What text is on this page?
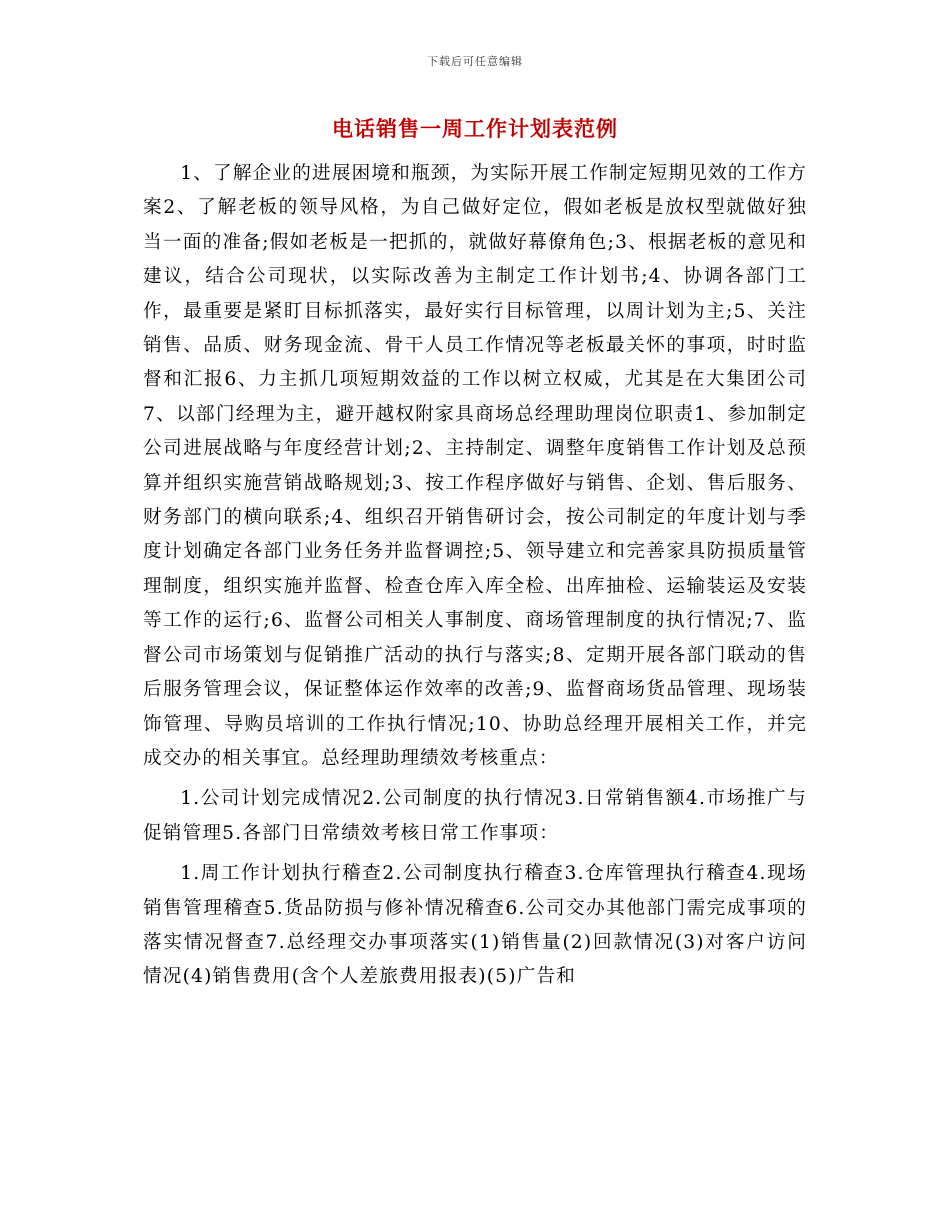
下载后可任意编辑
电话销售一周工作计划表范例

1、了解企业的进展困境和瓶颈，为实际开展工作制定短期见效的工作方案2、了解老板的领导风格，为自己做好定位，假如老板是放权型就做好独当一面的准备;假如老板是一把抓的，就做好幕僚角色;3、根据老板的意见和建议，结合公司现状，以实际改善为主制定工作计划书;4、协调各部门工作，最重要是紧盯目标抓落实，最好实行目标管理，以周计划为主;5、关注销售、品质、财务现金流、骨干人员工作情况等老板最关怀的事项，时时监督和汇报6、力主抓几项短期效益的工作以树立权威，尤其是在大集团公司7、以部门经理为主，避开越权附家具商场总经理助理岗位职责1、参加制定公司进展战略与年度经营计划;2、主持制定、调整年度销售工作计划及总预算并组织实施营销战略规划;3、按工作程序做好与销售、企划、售后服务、财务部门的横向联系;4、组织召开销售研讨会，按公司制定的年度计划与季度计划确定各部门业务任务并监督调控;5、领导建立和完善家具防损质量管理制度，组织实施并监督、检查仓库入库全检、出库抽检、运输装运及安装等工作的运行;6、监督公司相关人事制度、商场管理制度的执行情况;7、监督公司市场策划与促销推广活动的执行与落实;8、定期开展各部门联动的售后服务管理会议，保证整体运作效率的改善;9、监督商场货品管理、现场装饰管理、导购员培训的工作执行情况;10、协助总经理开展相关工作，并完成交办的相关事宜。总经理助理绩效考核重点：

1.公司计划完成情况2.公司制度的执行情况3.日常销售额4.市场推广与促销管理5.各部门日常绩效考核日常工作事项：

1.周工作计划执行稽查2.公司制度执行稽查3.仓库管理执行稽查4.现场销售管理稽查5.货品防损与修补情况稽查6.公司交办其他部门需完成事项的落实情况督查7.总经理交办事项落实(1)销售量(2)回款情况(3)对客户访问情况(4)销售费用(含个人差旅费用报表)(5)广告和
